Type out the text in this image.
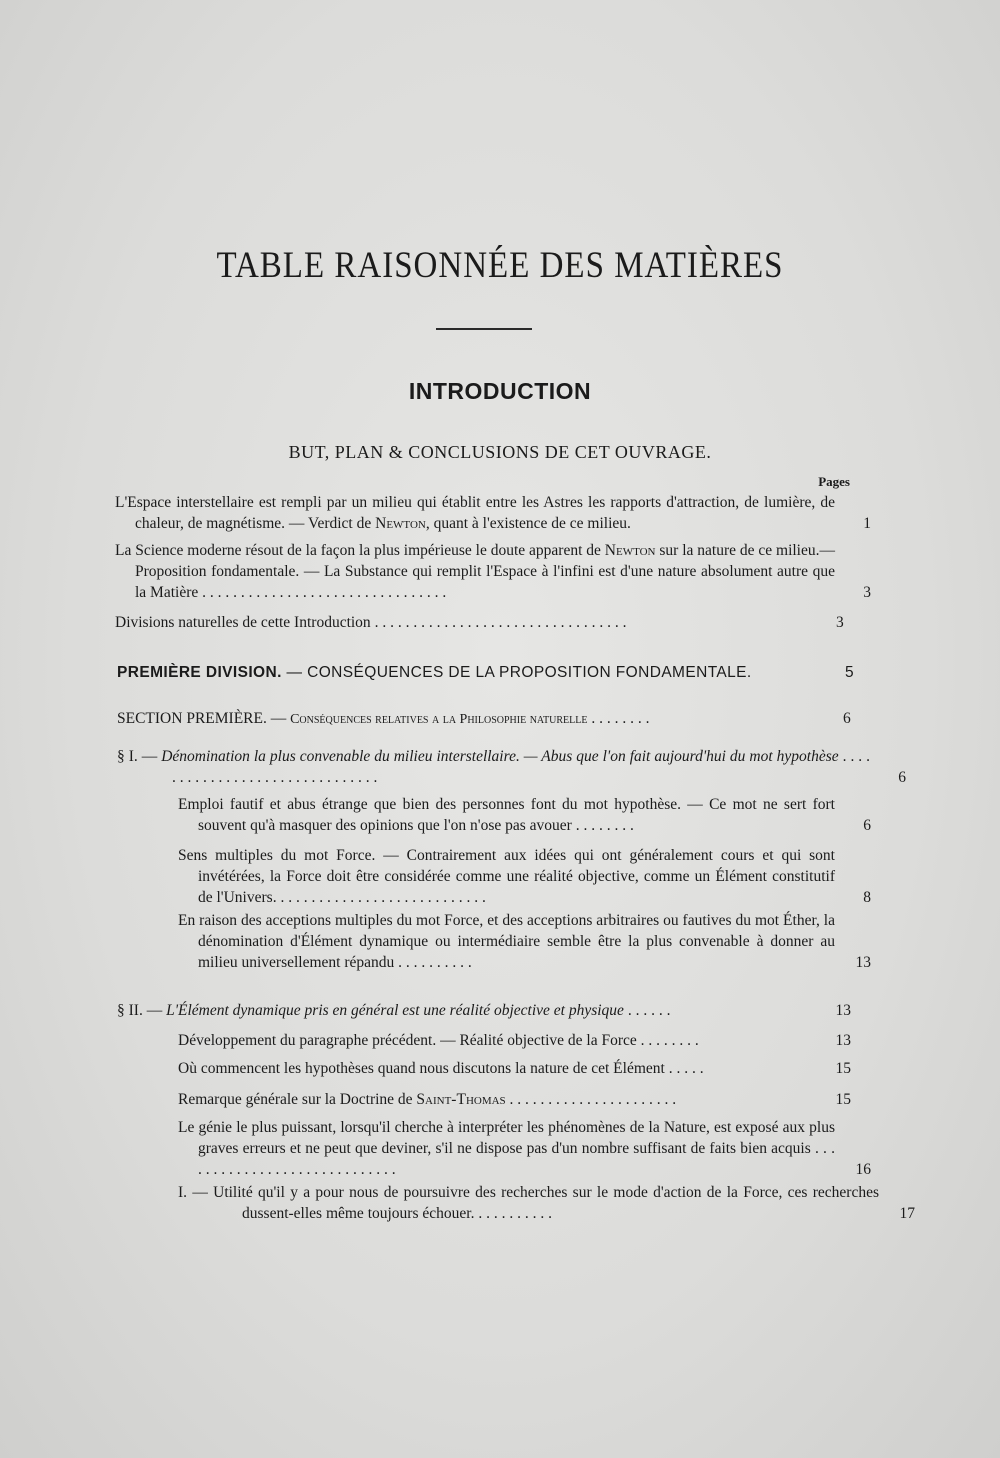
TABLE RAISONNÉE DES MATIÈRES
INTRODUCTION
BUT, PLAN & CONCLUSIONS DE CET OUVRAGE.
Pages
L'Espace interstellaire est rempli par un milieu qui établit entre les Astres les rapports d'attraction, de lumière, de chaleur, de magnétisme. — Verdict de Newton, quant à l'existence de ce milieu.	1
La Science moderne résout de la façon la plus impérieuse le doute apparent de Newton sur la nature de ce milieu.— Proposition fondamentale. — La Substance qui remplit l'Espace à l'infini est d'une nature absolument autre que la Matière . . . . . . . . . . . . . . . . . . . . . . . . . . . . . . . .	3
Divisions naturelles de cette Introduction . . . . . . . . . . . . . . . . . . . . . . . . . . . . . . . . .	3
PREMIÈRE DIVISION. — CONSÉQUENCES DE LA PROPOSITION FONDAMENTALE.	5
SECTION PREMIÈRE. — Conséquences relatives a la Philosophie naturelle . . . . . . . .	6
§ I. — Dénomination la plus convenable du milieu interstellaire. — Abus que l'on fait aujourd'hui du mot hypothèse . . . . . . . . . . . . . . . . . . . . . . . . . . . . . . .	6
Emploi fautif et abus étrange que bien des personnes font du mot hypothèse. — Ce mot ne sert fort souvent qu'à masquer des opinions que l'on n'ose pas avouer . . . . . . . .	6
Sens multiples du mot Force. — Contrairement aux idées qui ont généralement cours et qui sont invétérées, la Force doit être considérée comme une réalité objective, comme un Élément constitutif de l'Univers. . . . . . . . . . . . . . . . . . . . . . . . . . . .	8
En raison des acceptions multiples du mot Force, et des acceptions arbitraires ou fautives du mot Éther, la dénomination d'Élément dynamique ou intermédiaire semble être la plus convenable à donner au milieu universellement répandu . . . . . . . . . .	13
§ II. — L'Élément dynamique pris en général est une réalité objective et physique . . . . . .	13
Développement du paragraphe précédent. — Réalité objective de la Force . . . . . . . .	13
Où commencent les hypothèses quand nous discutons la nature de cet Élément . . . . .	15
Remarque générale sur la Doctrine de Saint-Thomas . . . . . . . . . . . . . . . . . . . . . .	15
Le génie le plus puissant, lorsqu'il cherche à interpréter les phénomènes de la Nature, est exposé aux plus graves erreurs et ne peut que deviner, s'il ne dispose pas d'un nombre suffisant de faits bien acquis . . . . . . . . . . . . . . . . . . . . . . . . . . . . .	16
I. — Utilité qu'il y a pour nous de poursuivre des recherches sur le mode d'action de la Force, ces recherches dussent-elles même toujours échouer. . . . . . . . . . .	17
